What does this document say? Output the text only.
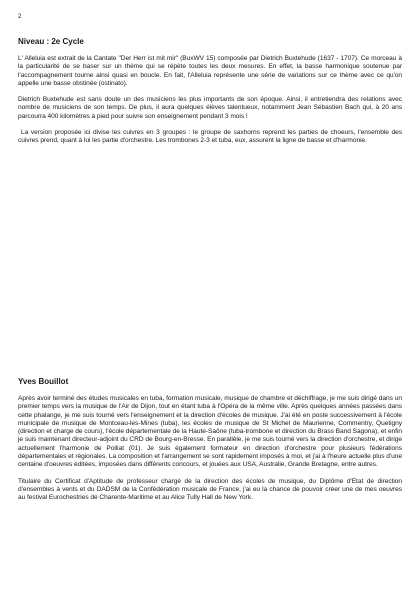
2
Niveau : 2e Cycle

L' Alleluia est extrait de la Cantate "Der Herr ist mit mir" (BuxWV 15) composée par Dietrich Buxtehude (1637 - 1707). Ce morceau à la particularité de se baser sur un thème qui se répète toutes les deux mesures. En effet, la basse harmonique soutenue par l'accompagnement tourne ainsi quasi en boucle. En fait, l'Alleluia représente une série de variations sur ce thème avec ce qu'on appelle une basse obstinée (ostinato).

Dietrich Buxtehude est sans doute un des musiciens les plus importants de son époque. Ainsi, il entretiendra des relations avec nombre de musiciens de son temps. De plus, il aura quelques élèves talentueux, notamment Jean Sébastien Bach qui, à 20 ans parcourra 400 kilomètres à pied pour suivre son enseignement pendant 3 mois !

La version proposée ici divise les cuivres en 3 groupes : le groupe de saxhorns reprend les parties de choeurs, l'ensemble des cuivres prend, quant à lui les partie d'orchestre. Les trombones 2-3 et tuba, eux, assurent la ligne de basse et d'harmonie.

Yves Bouillot

Après avoir terminé des études musicales en tuba, formation musicale, musique de chambre et déchiffrage, je me suis dirigé dans un premier temps vers la musique de l'Air de Dijon, tout en étant tuba à l'Opéra de la même ville. Après quelques années passées dans cette phalange, je me suis tourné vers l'enseignement et la direction d'écoles de musique. J'ai été en poste successivement à l'école municipale de musique de Montceau-les-Mines (tuba), les écoles de musique de St Michel de Maurienne, Commentry, Quetigny (direction et charge de cours), l'école départementale de la Haute-Saône (tuba-trombone et direction du Brass Band Sagona), et enfin je suis maintenant directeur-adjoint du CRD de Bourg-en-Bresse. En parallèle, je me suis tourné vers la direction d'orchestre, et dirige actuellement l'harmonie de Polliat (01). Je suis également formateur en direction d'orchestre pour plusieurs fédérations départementales et régionales. La composition et l'arrangement se sont rapidement imposés à moi, et j'ai à l'heure actuelle plus d'une centaine d'oeuvres éditées, imposées dans différents concours, et jouées aux USA, Australie, Grande Bretagne, entre autres.

Titulaire du Certificat d'Aptitude de professeur chargé de la direction des écoles de musique, du Diplôme d'Etat de direction d'ensembles à vents et du DADSM de la Confédération musicale de France, j'ai eu la chance de pouvoir créer une de mes oeuvres au festival Eurochestries de Charente-Maritime et au Alice Tully Hall de New York.
